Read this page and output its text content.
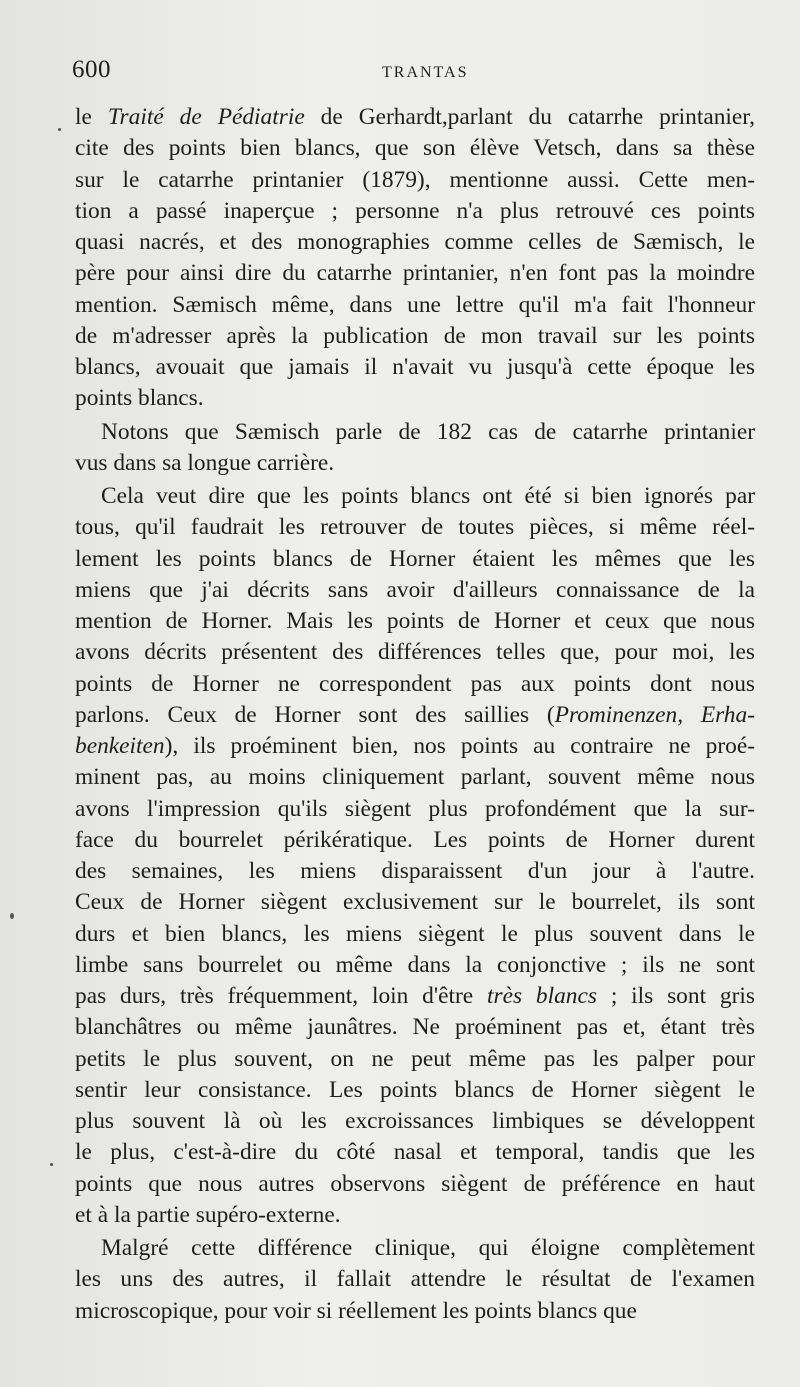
600	TRANTAS
le Traité de Pédiatrie de Gerhardt,parlant du catarrhe printanier,
cite des points bien blancs, que son élève Vetsch, dans sa thèse
sur le catarrhe printanier (1879), mentionne aussi. Cette men-
tion a passé inaperçue ; personne n'a plus retrouvé ces points
quasi nacrés, et des monographies comme celles de Sæmisch, le
père pour ainsi dire du catarrhe printanier, n'en font pas la moindre
mention. Sæmisch même, dans une lettre qu'il m'a fait l'honneur
de m'adresser après la publication de mon travail sur les points
blancs, avouait que jamais il n'avait vu jusqu'à cette époque les
points blancs.
Notons que Sæmisch parle de 182 cas de catarrhe printanier
vus dans sa longue carrière.
Cela veut dire que les points blancs ont été si bien ignorés par
tous, qu'il faudrait les retrouver de toutes pièces, si même réel-
lement les points blancs de Horner étaient les mêmes que les
miens que j'ai décrits sans avoir d'ailleurs connaissance de la
mention de Horner. Mais les points de Horner et ceux que nous
avons décrits présentent des différences telles que, pour moi, les
points de Horner ne correspondent pas aux points dont nous
parlons. Ceux de Horner sont des saillies (Prominenzen, Erha-
benkeiten), ils proéminent bien, nos points au contraire ne proé-
minent pas, au moins cliniquement parlant, souvent même nous
avons l'impression qu'ils siègent plus profondément que la sur-
face du bourrelet périkératique. Les points de Horner durent
des semaines, les miens disparaissent d'un jour à l'autre.
Ceux de Horner siègent exclusivement sur le bourrelet, ils sont
durs et bien blancs, les miens siègent le plus souvent dans le
limbe sans bourrelet ou même dans la conjonctive ; ils ne sont
pas durs, très fréquemment, loin d'être très blancs ; ils sont gris
blanchâtres ou même jaunâtres. Ne proéminent pas et, étant très
petits le plus souvent, on ne peut même pas les palper pour
sentir leur consistance. Les points blancs de Horner siègent le
plus souvent là où les excroissances limbiques se développent
le plus, c'est-à-dire du côté nasal et temporal, tandis que les
points que nous autres observons siègent de préférence en haut
et à la partie supéro-externe.
Malgré cette différence clinique, qui éloigne complètement
les uns des autres, il fallait attendre le résultat de l'examen
microscopique, pour voir si réellement les points blancs que
